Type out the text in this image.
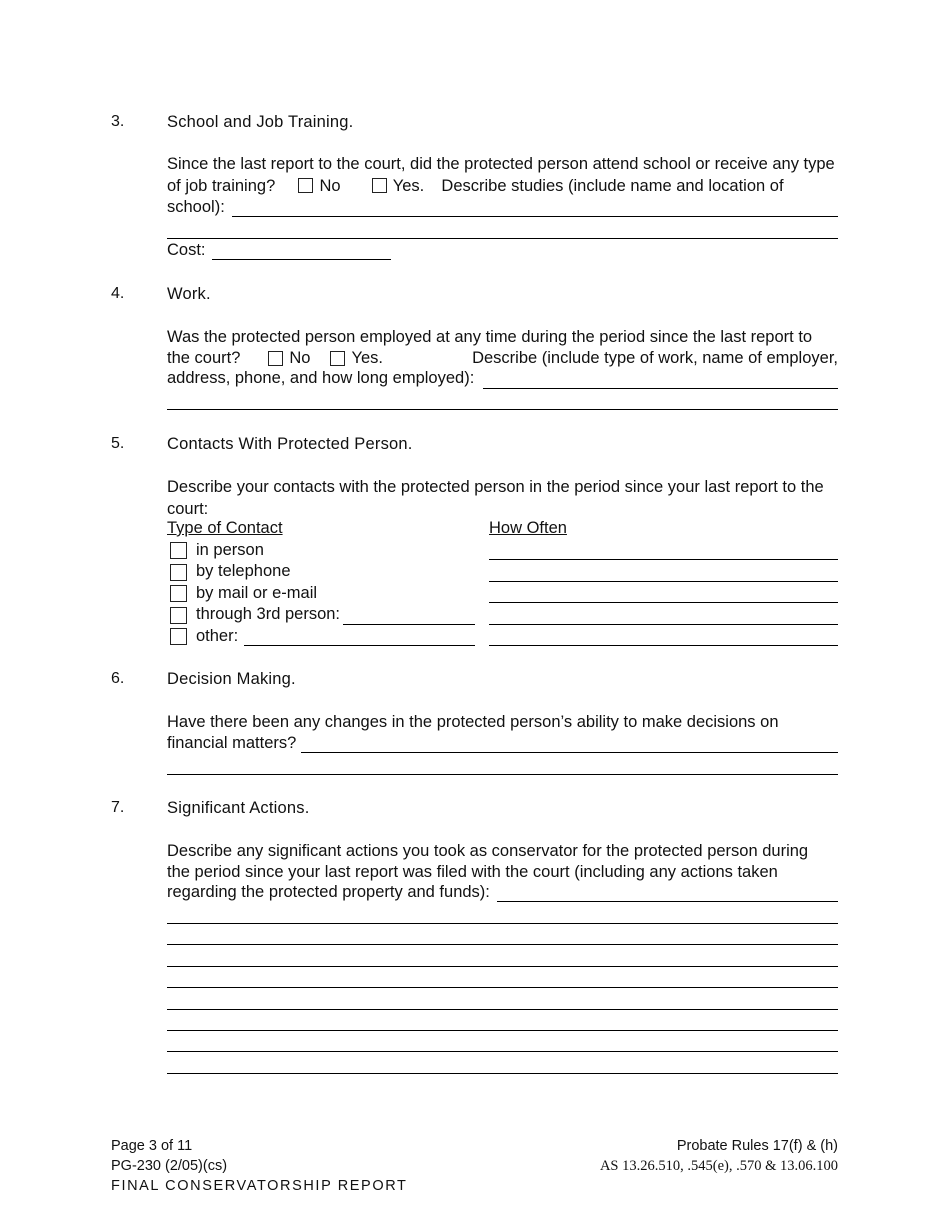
3.	School and Job Training.
Since the last report to the court, did the protected person attend school or receive any type of job training?	No	Yes. Describe studies (include name and location of
school):
Cost:
4.	Work.
Was the protected person employed at any time during the period since the last report to
the court?	No Yes.	Describe (include type of work, name of employer,
address, phone, and how long employed):
5.	Contacts With Protected Person.
Describe your contacts with the protected person in the period since your last report to the court:
Type of Contact	How Often
in person
by telephone
by mail or e-mail
through 3rd person:
other:
6.	Decision Making.
Have there been any changes in the protected person’s ability to make decisions on
financial matters?
7.	Significant Actions.
Describe any significant actions you took as conservator for the protected person during
the period since your last report was filed with the court (including any actions taken
regarding the protected property and funds):
Page 3 of 11
PG-230 (2/05)(cs)
FINAL CONSERVATORSHIP REPORT
Probate Rules 17(f) & (h)
AS 13.26.510, .545(e), .570 & 13.06.100
